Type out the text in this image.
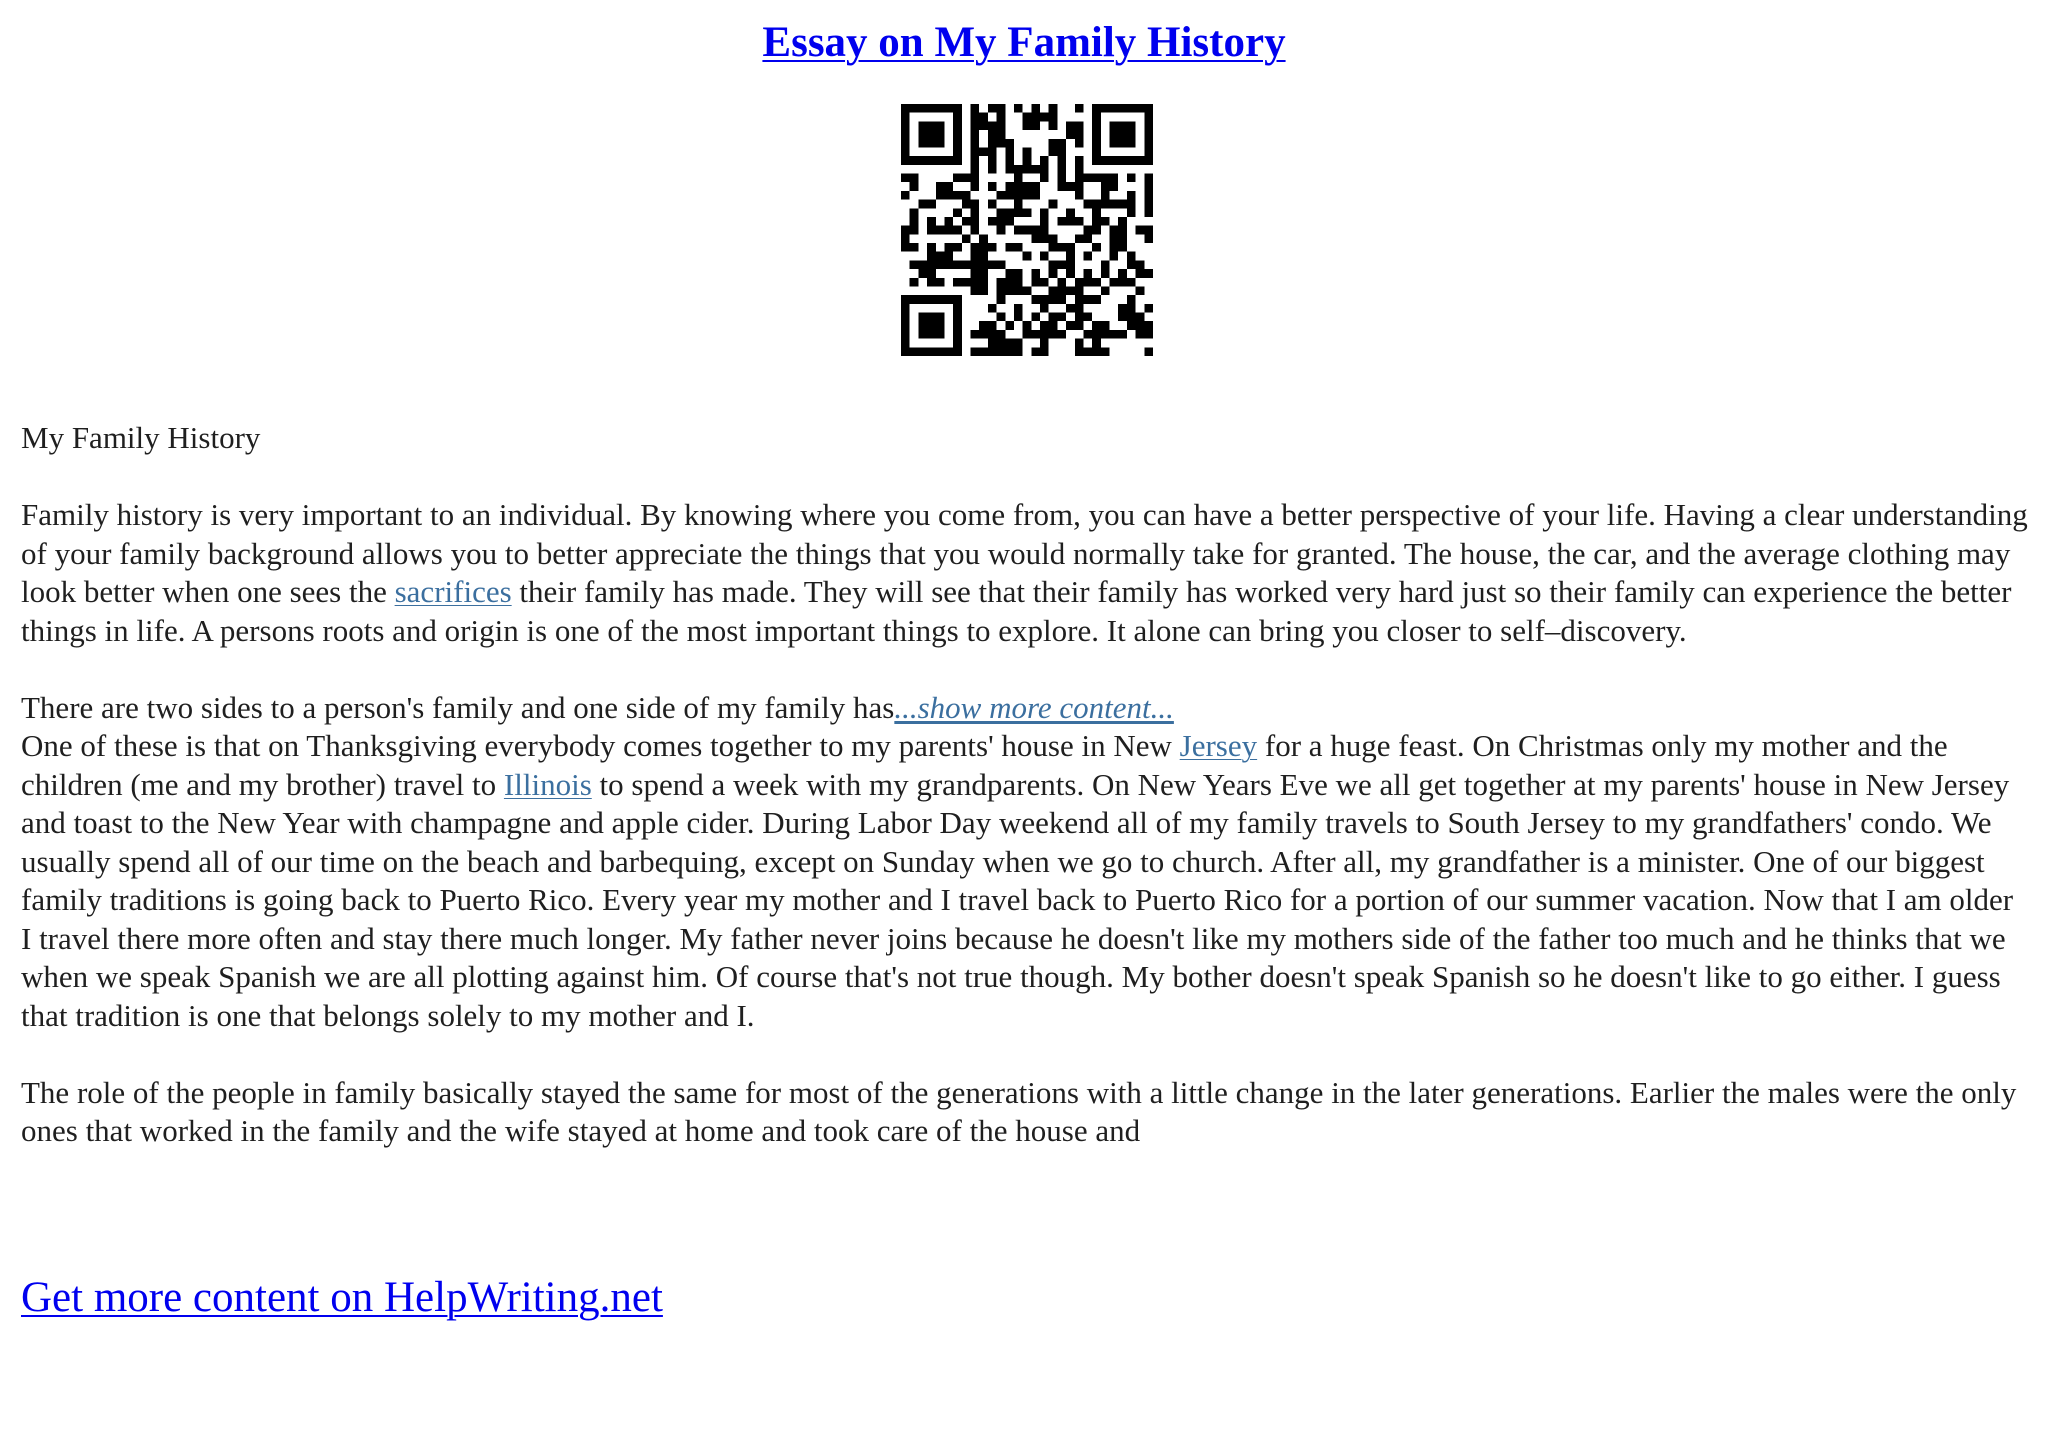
Essay on My Family History

My Family History

Family history is very important to an individual. By knowing where you come from, you can have a better perspective of your life. Having a clear understanding of your family background allows you to better appreciate the things that you would normally take for granted. The house, the car, and the average clothing may look better when one sees the sacrifices their family has made. They will see that their family has worked very hard just so their family can experience the better things in life. A persons roots and origin is one of the most important things to explore. It alone can bring you closer to self–discovery.

There are two sides to a person's family and one side of my family has...show more content...

One of these is that on Thanksgiving everybody comes together to my parents' house in New Jersey for a huge feast. On Christmas only my mother and the children (me and my brother) travel to Illinois to spend a week with my grandparents. On New Years Eve we all get together at my parents' house in New Jersey and toast to the New Year with champagne and apple cider. During Labor Day weekend all of my family travels to South Jersey to my grandfathers' condo. We usually spend all of our time on the beach and barbequing, except on Sunday when we go to church. After all, my grandfather is a minister. One of our biggest family traditions is going back to Puerto Rico. Every year my mother and I travel back to Puerto Rico for a portion of our summer vacation. Now that I am older I travel there more often and stay there much longer. My father never joins because he doesn't like my mothers side of the father too much and he thinks that we when we speak Spanish we are all plotting against him. Of course that's not true though. My bother doesn't speak Spanish so he doesn't like to go either. I guess that tradition is one that belongs solely to my mother and I.

The role of the people in family basically stayed the same for most of the generations with a little change in the later generations. Earlier the males were the only ones that worked in the family and the wife stayed at home and took care of the house and

Get more content on HelpWriting.net
